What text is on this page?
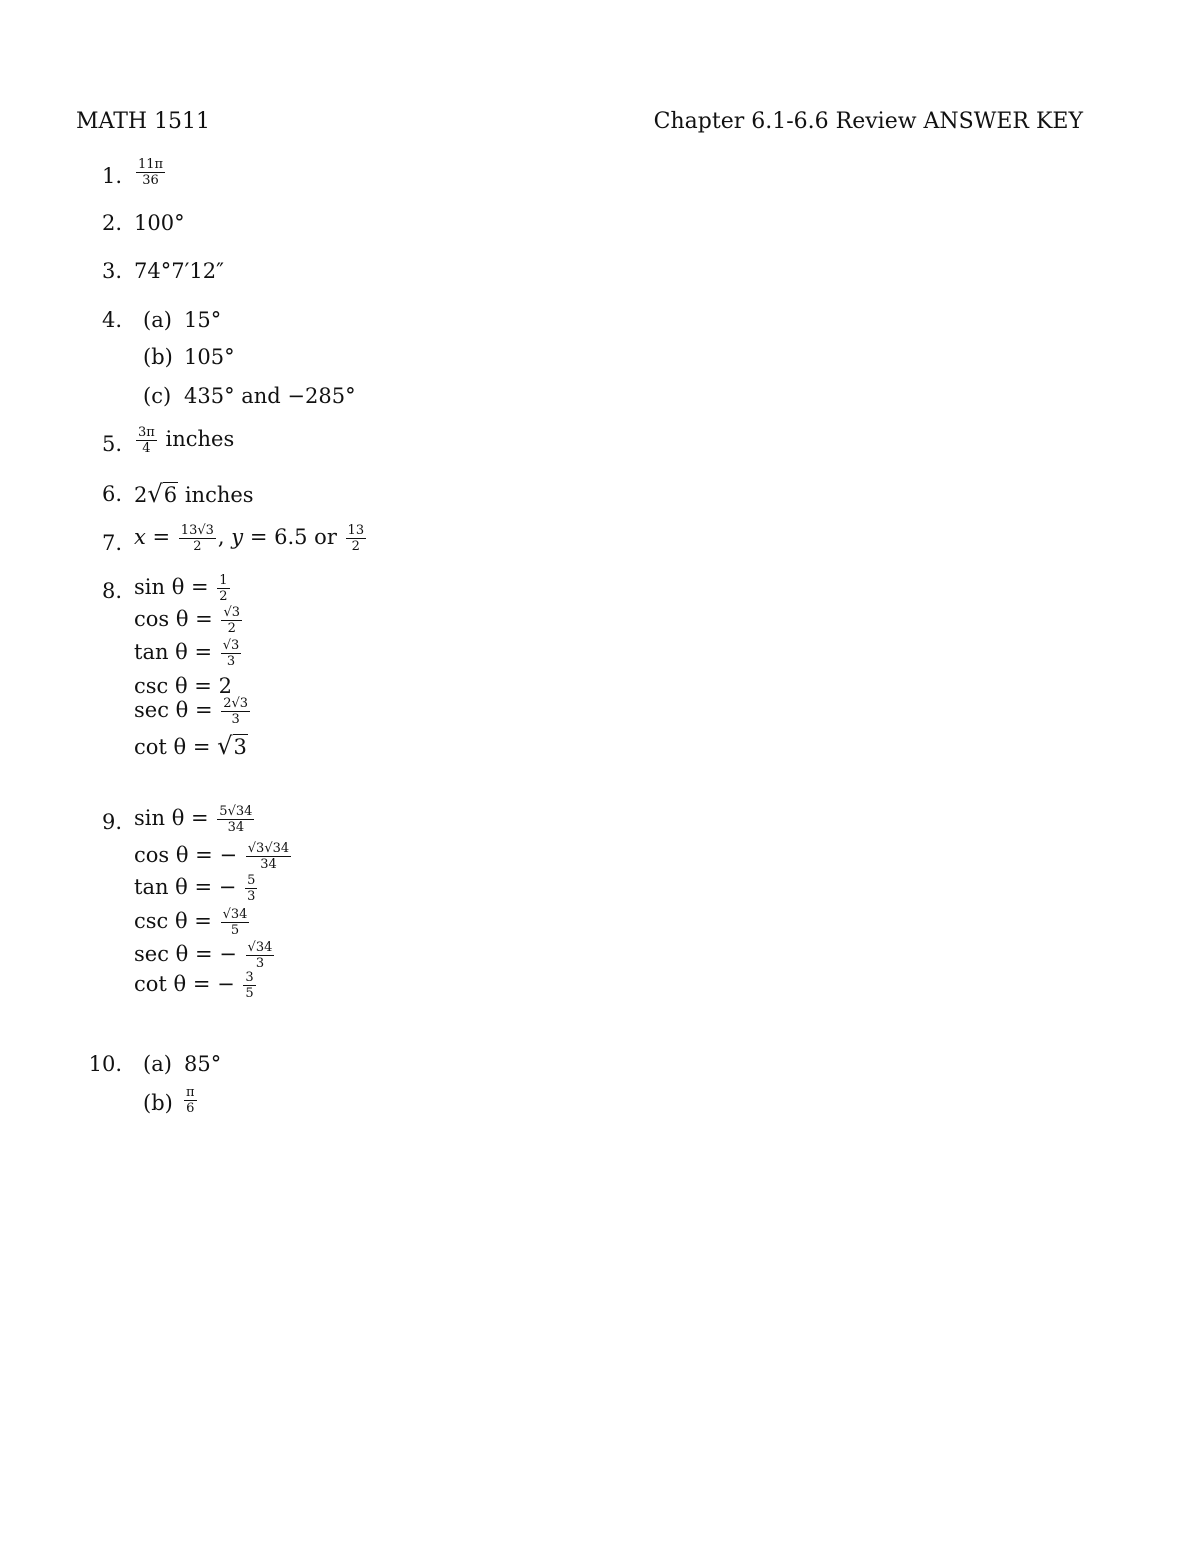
MATH 1511	Chapter 6.1-6.6 Review ANSWER KEY
1. $\frac{11\pi}{36}$
2. 100°
3. 74°7′12″
4. (a) 15°
(b) 105°
(c) 435° and −285°
5. $\frac{3\pi}{4}$ inches
6. 2√6 inches
7. $x = \frac{13√3}{2}$ , y = 6.5 or $\frac{13}{2}$
8. $\sin \theta = \frac{1}{2}$
$\cos \theta = \frac{√3}{2}$
$\tan \theta = \frac{√3}{3}$
csc θ = 2
$\sec \theta = \frac{2√3}{3}$
cot θ = √3
9. $\sin \theta = \frac{5√34}{34}$
cos θ = − $\frac{√3√34}{34}$
tan θ = − $\frac{5}{3}$
$\csc \theta = \frac{√34}{5}$
sec θ = − $\frac{√34}{3}$
cot θ = − $\frac{3}{5}$
10. (a) 85°
$(b) \frac{\pi}{6}$
